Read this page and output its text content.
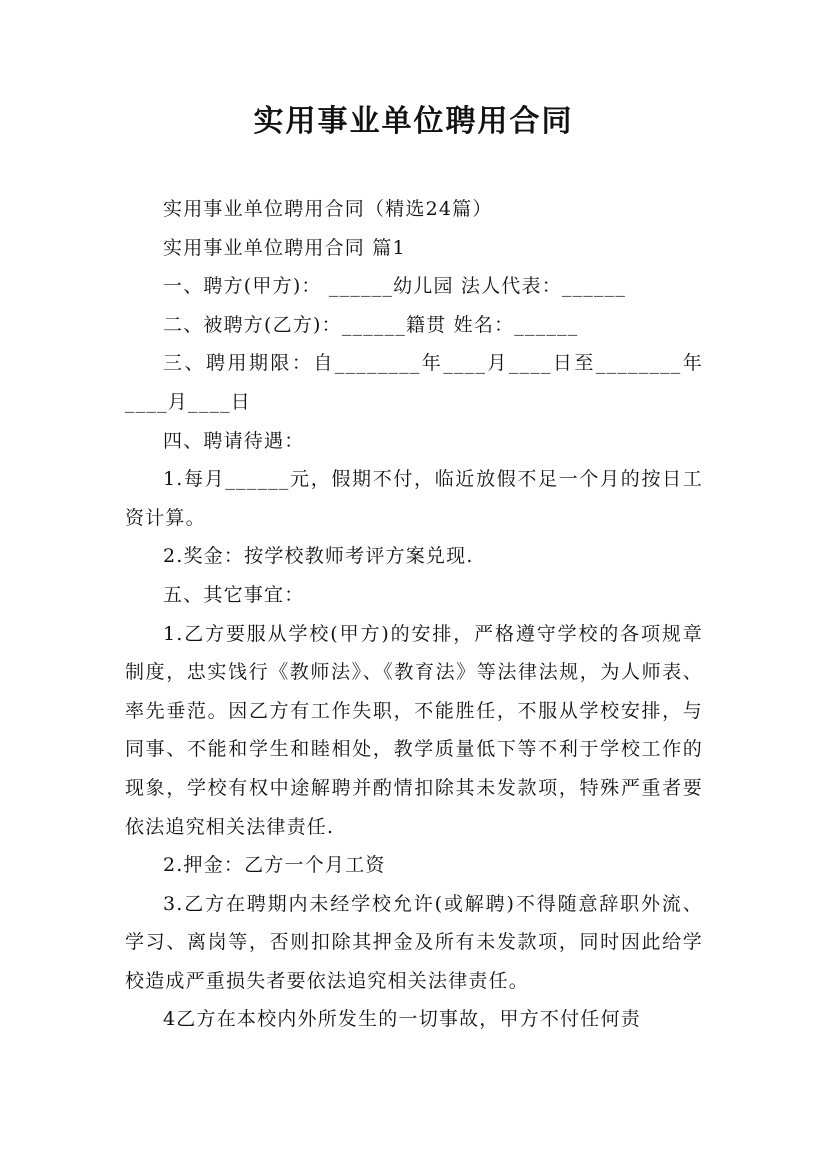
实用事业单位聘用合同

实用事业单位聘用合同（精选24篇）

实用事业单位聘用合同 篇1

一、聘方(甲方)： ______幼儿园 法人代表：______

二、被聘方(乙方)：______籍贯 姓名：______

三、聘用期限：自________年____月____日至________年____月____日

四、聘请待遇：

1.每月______元，假期不付，临近放假不足一个月的按日工资计算。

2.奖金：按学校教师考评方案兑现.

五、其它事宜：

1.乙方要服从学校(甲方)的安排，严格遵守学校的各项规章制度，忠实饯行《教师法》、《教育法》等法律法规，为人师表、率先垂范。因乙方有工作失职，不能胜任，不服从学校安排，与同事、不能和学生和睦相处，教学质量低下等不利于学校工作的现象，学校有权中途解聘并酌情扣除其未发款项，特殊严重者要依法追究相关法律责任.

2.押金：乙方一个月工资

3.乙方在聘期内未经学校允许(或解聘)不得随意辞职外流、学习、离岗等，否则扣除其押金及所有未发款项，同时因此给学校造成严重损失者要依法追究相关法律责任。

4乙方在本校内外所发生的一切事故，甲方不付任何责
